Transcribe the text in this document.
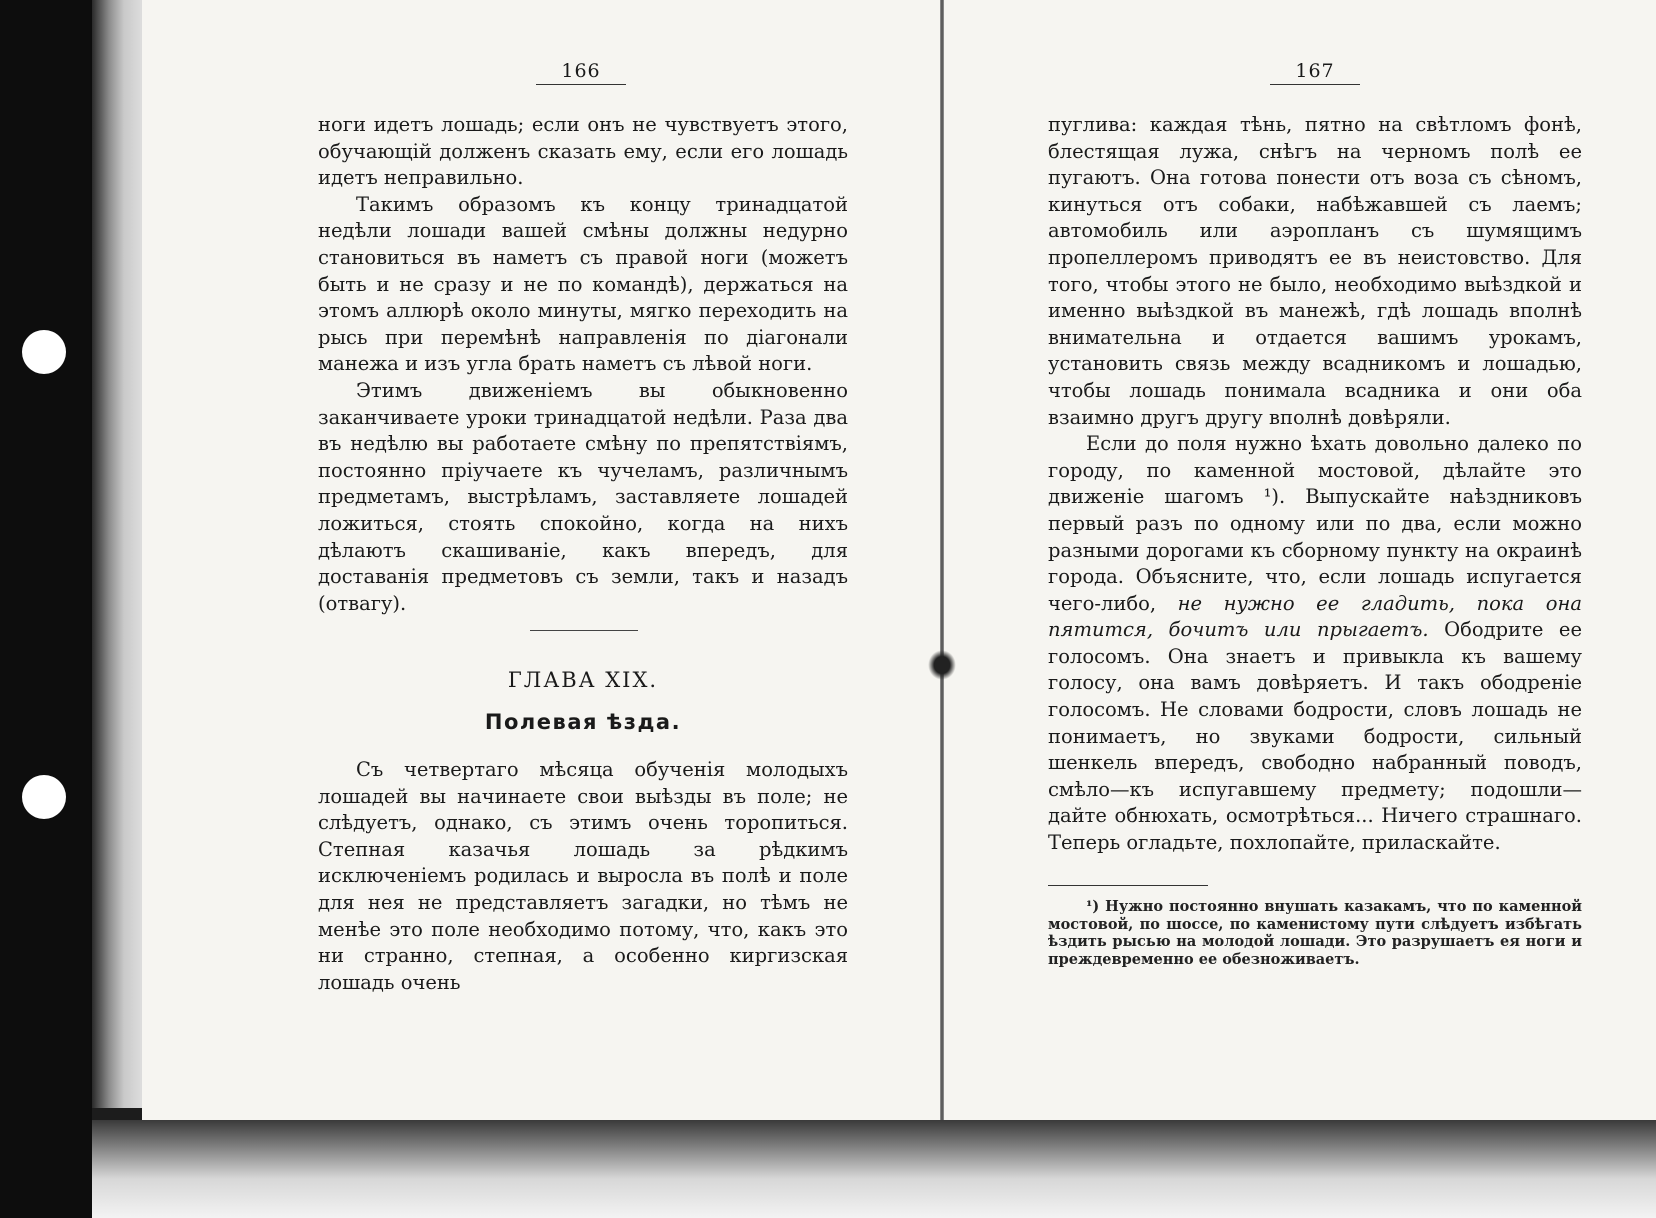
166

ноги идетъ лошадь; если онъ не чувствуетъ этого, обучающій долженъ сказать ему, если его лошадь идетъ неправильно.

Такимъ образомъ къ концу тринадцатой недѣли лошади вашей смѣны должны недурно становиться въ наметъ съ правой ноги (можетъ быть и не сразу и не по командѣ), держаться на этомъ аллюрѣ около минуты, мягко переходить на рысь при перемѣнѣ направленія по діагонали манежа и изъ угла брать наметъ съ лѣвой ноги.

Этимъ движеніемъ вы обыкновенно заканчиваете уроки тринадцатой недѣли. Раза два въ недѣлю вы работаете смѣну по препятствіямъ, постоянно пріучаете къ чучеламъ, различнымъ предметамъ, выстрѣламъ, заставляете лошадей ложиться, стоять спокойно, когда на нихъ дѣлаютъ скашиваніе, какъ впередъ, для доставанія предметовъ съ земли, такъ и назадъ (отвагу).

ГЛАВА XIX.
Полевая ѣзда.

Съ четвертаго мѣсяца обученія молодыхъ лошадей вы начинаете свои выѣзды въ поле; не слѣдуетъ, однако, съ этимъ очень торопиться. Степная казачья лошадь за рѣдкимъ исключеніемъ родилась и выросла въ полѣ и поле для нея не представляетъ загадки, но тѣмъ не менѣе это поле необходимо потому, что, какъ это ни странно, степная, а особенно киргизская лошадь очень

167

пуглива: каждая тѣнь, пятно на свѣтломъ фонѣ, блестящая лужа, снѣгъ на черномъ полѣ ее пугаютъ. Она готова понести отъ воза съ сѣномъ, кинуться отъ собаки, набѣжавшей съ лаемъ; автомобиль или аэропланъ съ шумящимъ пропеллеромъ приводятъ ее въ неистовство. Для того, чтобы этого не было, необходимо выѣздкой и именно выѣздкой въ манежѣ, гдѣ лошадь вполнѣ внимательна и отдается вашимъ урокамъ, установить связь между всадникомъ и лошадью, чтобы лошадь понимала всадника и они оба взаимно другъ другу вполнѣ довѣряли.

Если до поля нужно ѣхать довольно далеко по городу, по каменной мостовой, дѣлайте это движеніе шагомъ ¹). Выпускайте наѣздниковъ первый разъ по одному или по два, если можно разными дорогами къ сборному пункту на окраинѣ города. Объясните, что, если лошадь испугается чего-либо, не нужно ее гладить, пока она пятится, бочитъ или прыгаетъ. Ободрите ее голосомъ. Она знаетъ и привыкла къ вашему голосу, она вамъ довѣряетъ. И такъ ободреніе голосомъ. Не словами бодрости, словъ лошадь не понимаетъ, но звуками бодрости, сильный шенкель впередъ, свободно набранный поводъ, смѣло—къ испугавшему предмету; подошли—дайте обнюхать, осмотрѣться... Ничего страшнаго. Теперь огладьте, похлопайте, приласкайте.

¹) Нужно постоянно внушать казакамъ, что по каменной мостовой, по шоссе, по каменистому пути слѣдуетъ избѣгать ѣздить рысью на молодой лошади. Это разрушаетъ ея ноги и преждевременно ее обезноживаетъ.
